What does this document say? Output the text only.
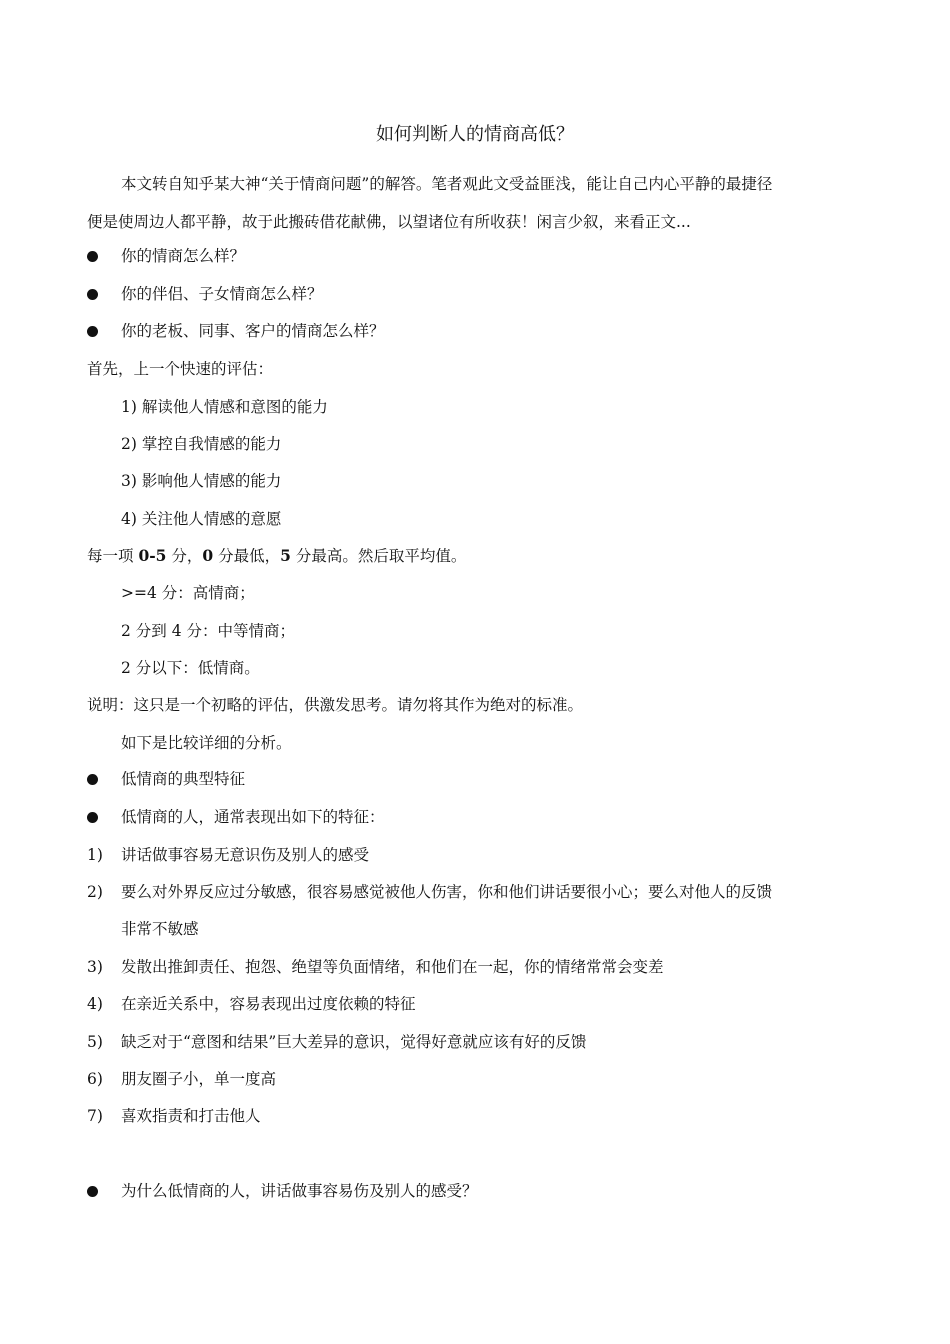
如何判断人的情商高低？
本文转自知乎某大神“关于情商问题”的解答。笔者观此文受益匪浅，能让自己内心平静的最捷径
便是使周边人都平静，故于此搬砖借花献佛，以望诸位有所收获！闲言少叙，来看正文...
你的情商怎么样？
你的伴侣、子女情商怎么样？
你的老板、同事、客户的情商怎么样？
首先，上一个快速的评估：
1) 解读他人情感和意图的能力
2) 掌控自我情感的能力
3) 影响他人情感的能力
4) 关注他人情感的意愿
每一项 0-5 分，0 分最低，5 分最高。然后取平均值。
>=4 分：高情商；
2 分到 4 分：中等情商；
2 分以下：低情商。
说明：这只是一个初略的评估，供激发思考。请勿将其作为绝对的标准。
如下是比较详细的分析。
低情商的典型特征
低情商的人，通常表现出如下的特征：
1) 讲话做事容易无意识伤及别人的感受
2) 要么对外界反应过分敏感，很容易感觉被他人伤害，你和他们讲话要很小心；要么对他人的反馈
非常不敏感
3) 发散出推卸责任、抱怨、绝望等负面情绪，和他们在一起，你的情绪常常会变差
4) 在亲近关系中，容易表现出过度依赖的特征
5) 缺乏对于“意图和结果”巨大差异的意识，觉得好意就应该有好的反馈
6) 朋友圈子小，单一度高
7) 喜欢指责和打击他人
为什么低情商的人，讲话做事容易伤及别人的感受？
